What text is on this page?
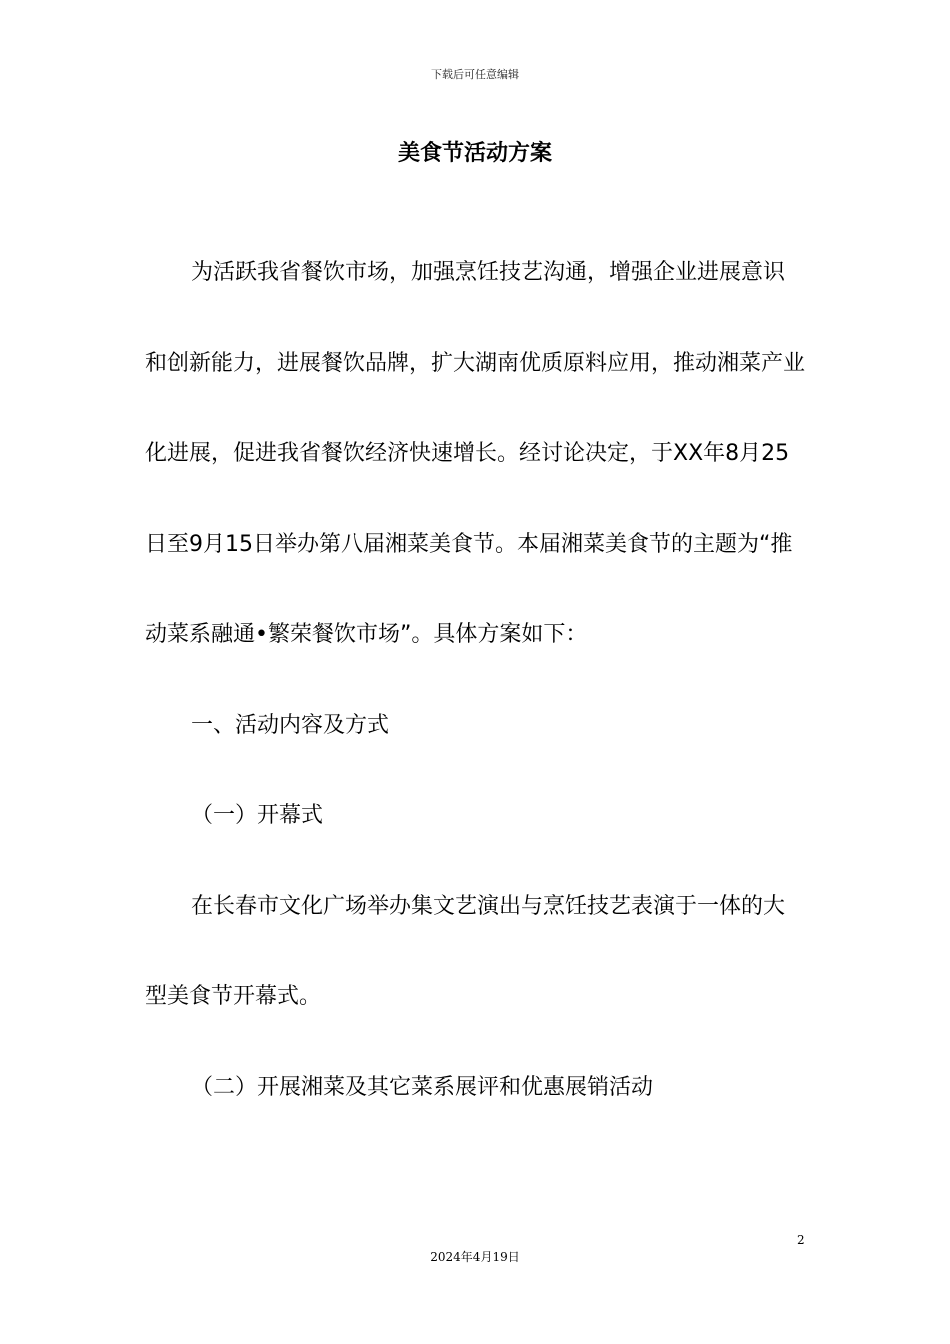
下载后可任意编辑
美食节活动方案

为活跃我省餐饮市场，加强烹饪技艺沟通，增强企业进展意识和创新能力，进展餐饮品牌，扩大湖南优质原料应用，推动湘菜产业化进展，促进我省餐饮经济快速增长。经讨论决定，于XX年8月25日至9月15日举办第八届湘菜美食节。本届湘菜美食节的主题为“推动菜系融通•繁荣餐饮市场”。具体方案如下：

一、活动内容及方式

（一）开幕式

在长春市文化广场举办集文艺演出与烹饪技艺表演于一体的大型美食节开幕式。

（二）开展湘菜及其它菜系展评和优惠展销活动

2
2024年4月19日
